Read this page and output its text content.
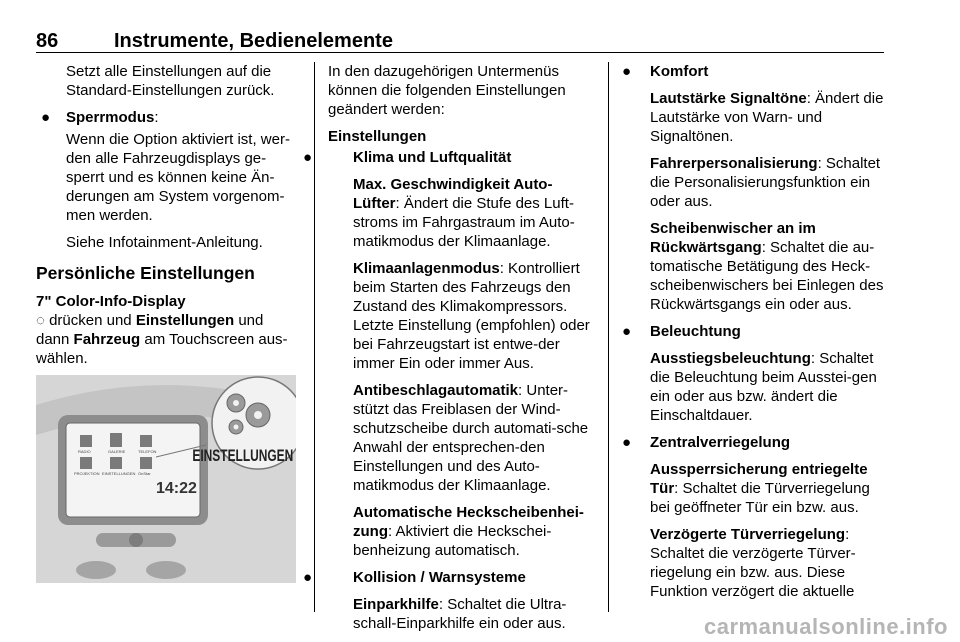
86	Instrumente, Bedienelemente

Setzt alle Einstellungen auf die Standard-Einstellungen zurück.

● Sperrmodus:

Wenn die Option aktiviert ist, wer-den alle Fahrzeugdisplays ge-sperrt und es können keine Än-derungen am System vorgenom-men werden.

Siehe Infotainment-Anleitung.

Persönliche Einstellungen

7" Color-Info-Display

◌ drücken und Einstellungen und dann Fahrzeug am Touchscreen aus-wählen.

RADIO	GALERIE	TELEFON
PROJEKTION EINSTELLUNGEN OnStar
14:22
EINSTELLUNGEN

In den dazugehörigen Untermenüs können die folgenden Einstellungen geändert werden:

Einstellungen

●	Klima und Luftqualität

Max. Geschwindigkeit Auto-Lüfter: Ändert die Stufe des Luft-stroms im Fahrgastraum im Auto-matikmodus der Klimaanlage.

Klimaanlagenmodus: Kontrolliert beim Starten des Fahrzeugs den Zustand des Klimakompressors. Letzte Einstellung (empfohlen) oder bei Fahrzeugstart ist entwe-der immer Ein oder immer Aus.

Antibeschlagautomatik: Unter-stützt das Freiblasen der Wind-schutzscheibe durch automati-sche Anwahl der entsprechen-den Einstellungen und des Auto-matikmodus der Klimaanlage.

Automatische Heckscheibenhei-zung: Aktiviert die Heckschei-benheizung automatisch.

●	Kollision / Warnsysteme

Einparkhilfe: Schaltet die Ultra-schall-Einparkhilfe ein oder aus.

● Komfort

Lautstärke Signaltöne: Ändert die Lautstärke von Warn- und Signaltönen.

Fahrerpersonalisierung: Schaltet die Personalisierungsfunktion ein oder aus.

Scheibenwischer an im Rückwärtsgang: Schaltet die au-tomatische Betätigung des Heck-scheibenwischers bei Einlegen des Rückwärtsgangs ein oder aus.

● Beleuchtung

Ausstiegsbeleuchtung: Schaltet die Beleuchtung beim Ausstei-gen ein oder aus bzw. ändert die Einschaltdauer.

● Zentralverriegelung

Aussperrsicherung entriegelte Tür: Schaltet die Türverriegelung bei geöffneter Tür ein bzw. aus.

Verzögerte Türverriegelung: Schaltet die verzögerte Türver-riegelung ein bzw. aus. Diese Funktion verzögert die aktuelle

carmanualsonline.info
